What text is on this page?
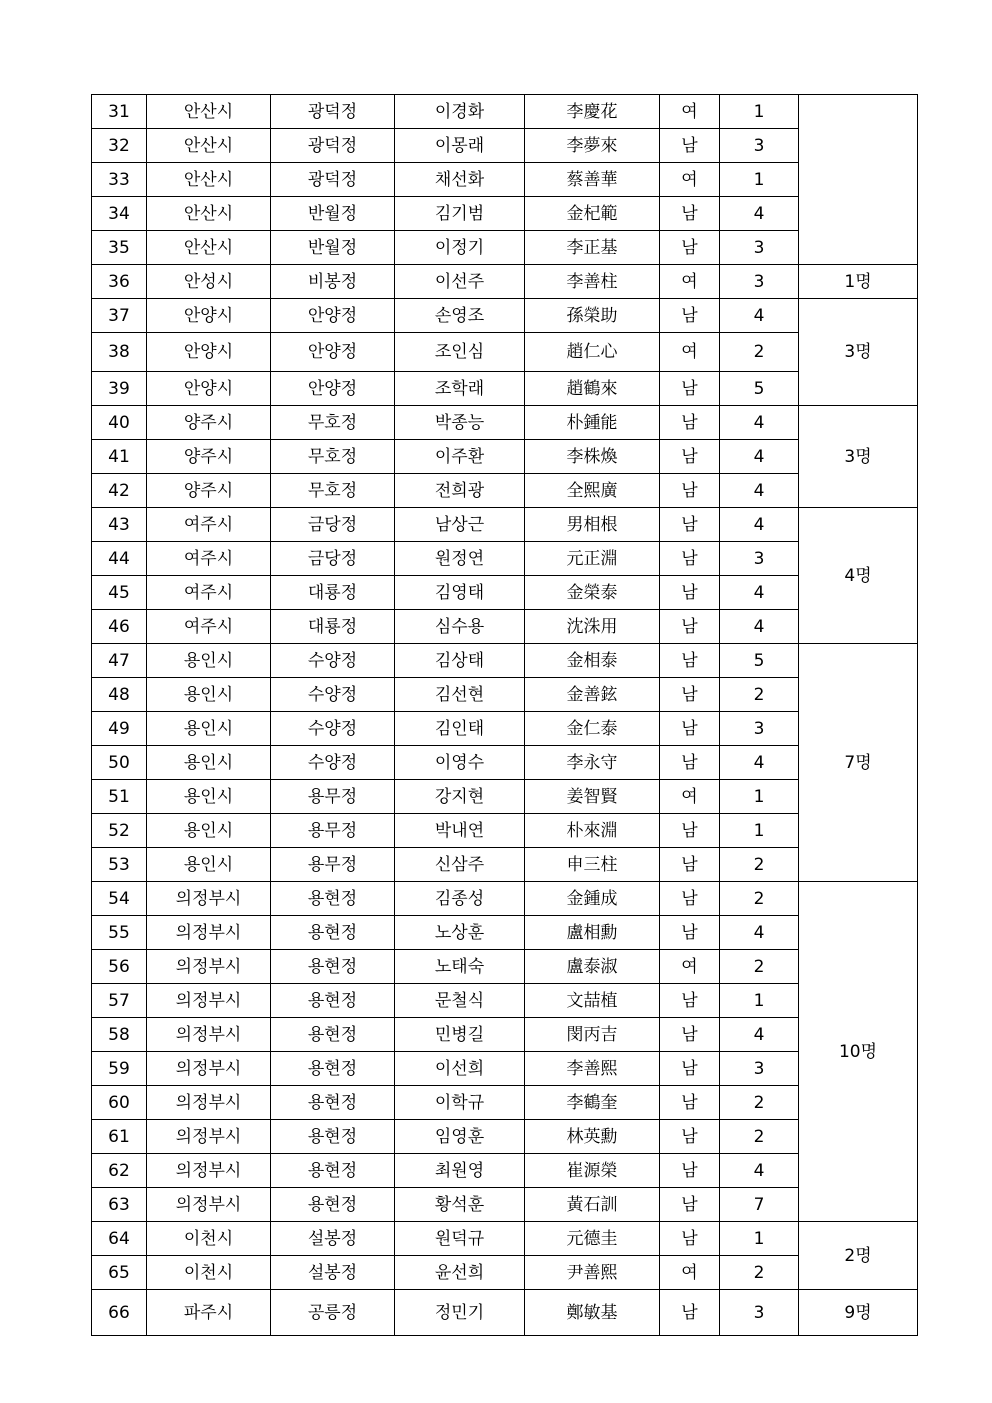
31	안산시	광덕정	이경화	李慶花	여	1	
32	안산시	광덕정	이몽래	李夢來	남	3	
33	안산시	광덕정	채선화	蔡善華	여	1	
34	안산시	반월정	김기범	金杞範	남	4	
35	안산시	반월정	이정기	李正基	남	3	
36	안성시	비봉정	이선주	李善柱	여	3	1명
37	안양시	안양정	손영조	孫榮助	남	4	3명
38	안양시	안양정	조인심	趙仁心	여	2	
39	안양시	안양정	조학래	趙鶴來	남	5	
40	양주시	무호정	박종능	朴鍾能	남	4	3명
41	양주시	무호정	이주환	李株煥	남	4	
42	양주시	무호정	전희광	全熙廣	남	4	
43	여주시	금당정	남상근	男相根	남	4	4명
44	여주시	금당정	원정연	元正淵	남	3	
45	여주시	대룡정	김영태	金榮泰	남	4	
46	여주시	대룡정	심수용	沈洙用	남	4	
47	용인시	수양정	김상태	金相泰	남	5	7명
48	용인시	수양정	김선현	金善鉉	남	2	
49	용인시	수양정	김인태	金仁泰	남	3	
50	용인시	수양정	이영수	李永守	남	4	
51	용인시	용무정	강지현	姜智賢	여	1	
52	용인시	용무정	박내연	朴來淵	남	1	
53	용인시	용무정	신삼주	申三柱	남	2	
54	의정부시	용현정	김종성	金鍾成	남	2	10명
55	의정부시	용현정	노상훈	盧相勳	남	4	
56	의정부시	용현정	노태숙	盧泰淑	여	2	
57	의정부시	용현정	문철식	文喆植	남	1	
58	의정부시	용현정	민병길	閔丙吉	남	4	
59	의정부시	용현정	이선희	李善熙	남	3	
60	의정부시	용현정	이학규	李鶴奎	남	2	
61	의정부시	용현정	임영훈	林英勳	남	2	
62	의정부시	용현정	최원영	崔源榮	남	4	
63	의정부시	용현정	황석훈	黃石訓	남	7	
64	이천시	설봉정	원덕규	元德圭	남	1	2명
65	이천시	설봉정	윤선희	尹善熙	여	2	
66	파주시	공릉정	정민기	鄭敏基	남	3	9명
